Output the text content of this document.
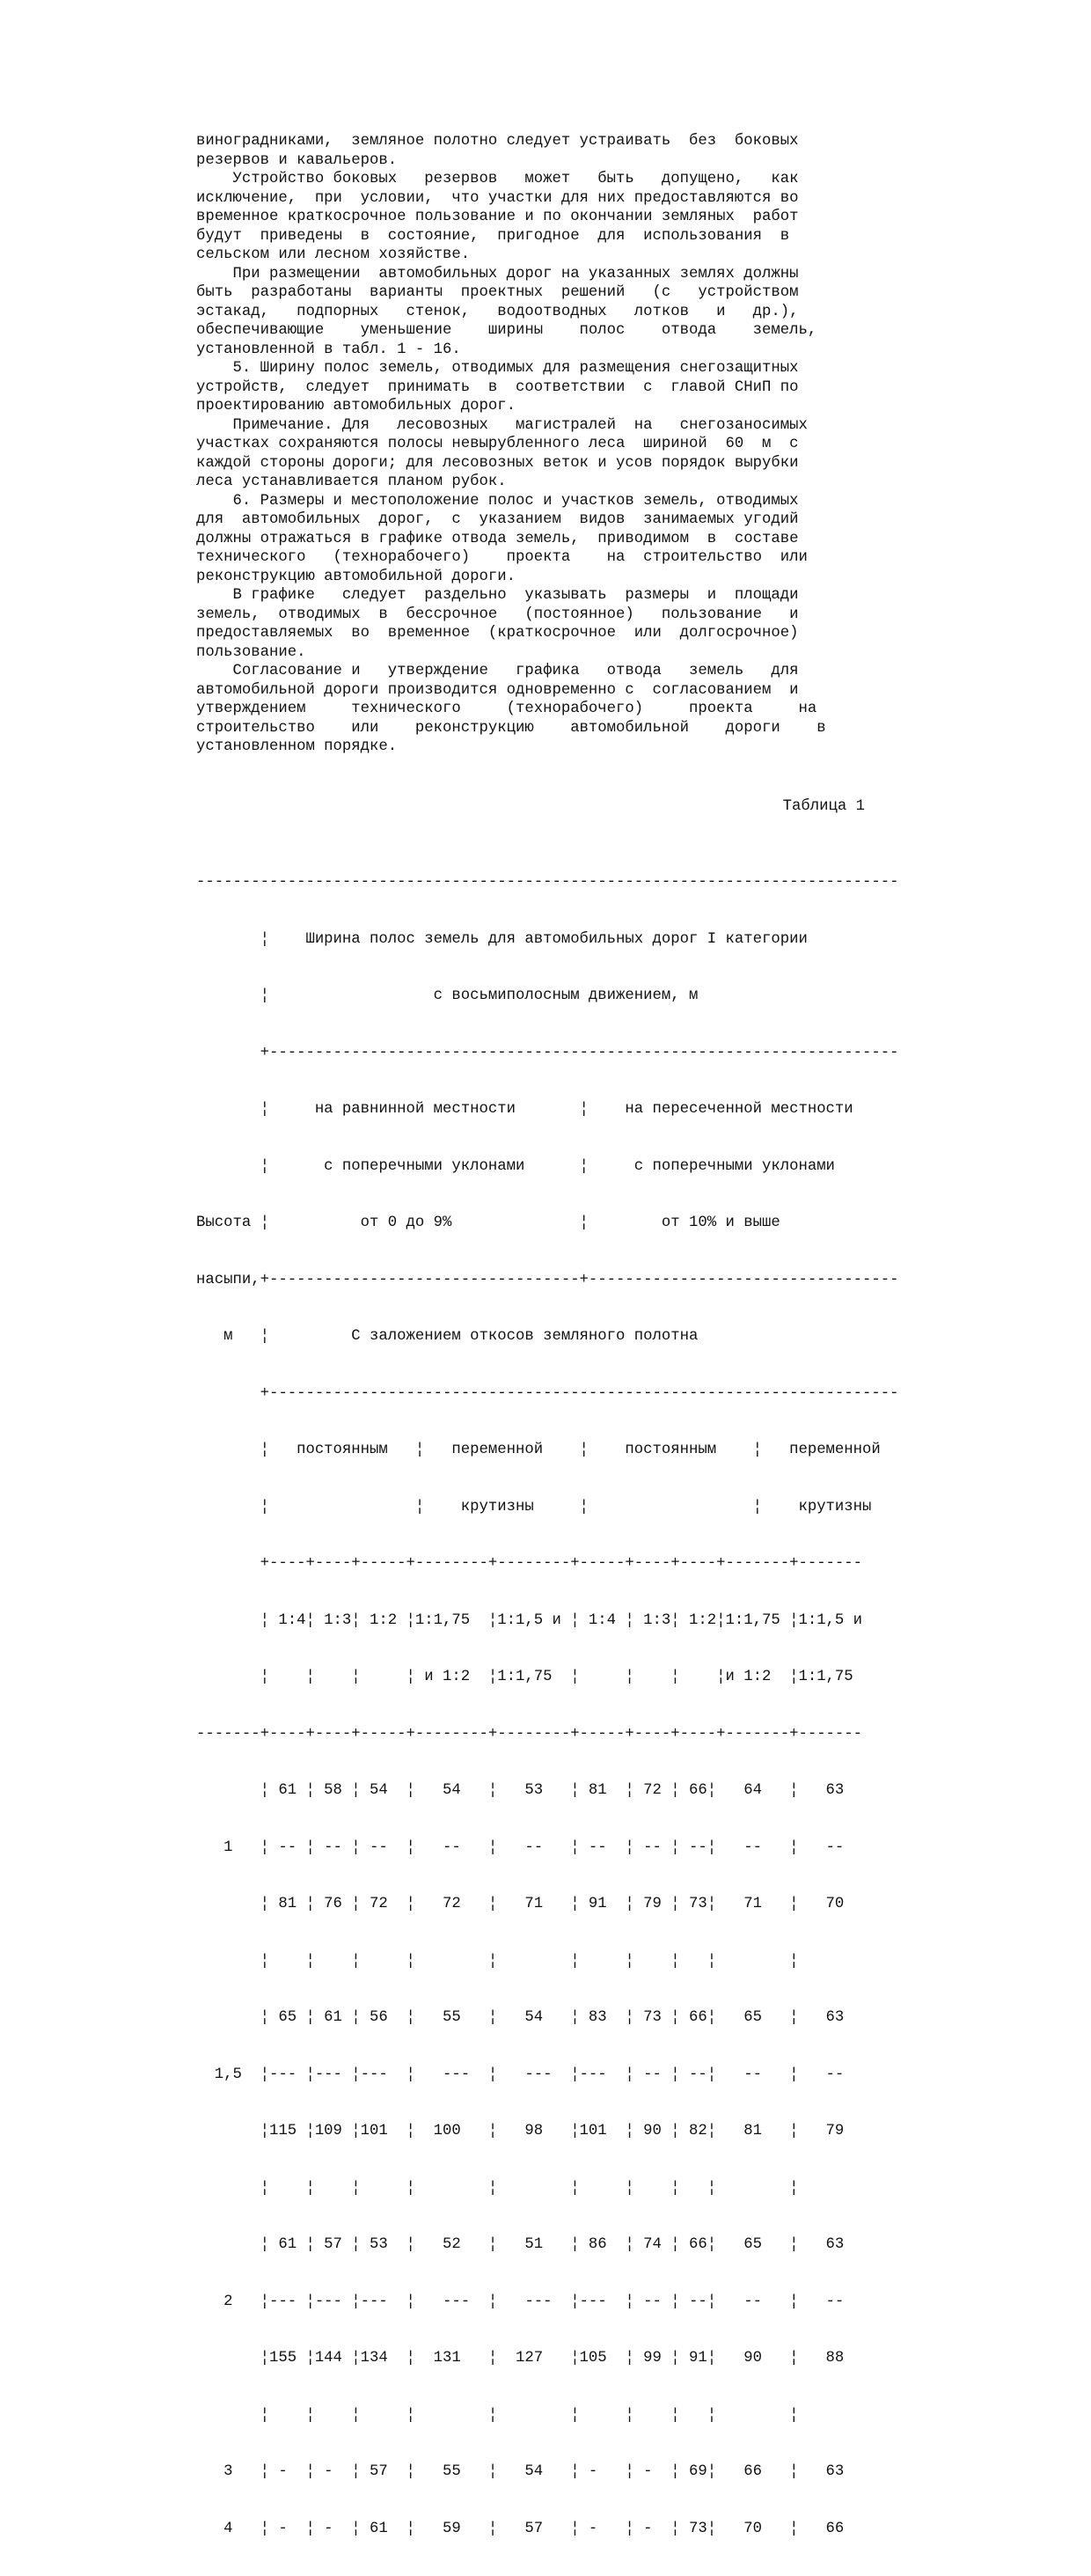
виноградниками,  земляное полотно следует устраивать  без  боковых
резервов и кавальеров.
Устройство боковых   резервов   может   быть   допущено,   как
исключение,  при  условии,  что участки для них предоставляются во
временное краткосрочное пользование и по окончании земляных  работ
будут  приведены  в  состояние,  пригодное  для  использования  в
сельском или лесном хозяйстве.
При размещении  автомобильных дорог на указанных землях должны
быть  разработаны  варианты  проектных  решений   (с   устройством
эстакад,   подпорных   стенок,   водоотводных   лотков   и   др.),
обеспечивающие    уменьшение    ширины    полос    отвода    земель,
установленной в табл. 1 - 16.
5. Ширину полос земель, отводимых для размещения снегозащитных
устройств,  следует  принимать  в  соответствии  с  главой СНиП по
проектированию автомобильных дорог.
Примечание. Для   лесовозных   магистралей  на   снегозаносимых
участках сохраняются полосы невырубленного леса  шириной  60  м  с
каждой стороны дороги; для лесовозных веток и усов порядок вырубки
леса устанавливается планом рубок.
6. Размеры и местоположение полос и участков земель, отводимых
для  автомобильных  дорог,  с  указанием  видов  занимаемых угодий
должны отражаться в графике отвода земель,  приводимом  в  составе
технического   (технорабочего)    проекта    на  строительство  или
реконструкцию автомобильной дороги.
В графике   следует  раздельно  указывать  размеры  и  площади
земель,  отводимых  в  бессрочное   (постоянное)   пользование   и
предоставляемых  во  временное  (краткосрочное  или  долгосрочное)
пользование.
Согласование и   утверждение   графика   отвода   земель   для
автомобильной дороги производится одновременно с  согласованием  и
утверждением     технического     (технорабочего)     проекта     на
строительство    или    реконструкцию    автомобильной    дороги    в
установленном порядке.
Таблица 1

-----------------------------------------------------------------------------

¦    Ширина полос земель для автомобильных дорог I категории

¦                  с восьмиполосным движением, м

+---------------------------------------------------------------------

¦     на равнинной местности       ¦    на пересеченной местности

¦      с поперечными уклонами      ¦     с поперечными уклонами

Высота ¦          от 0 до 9%              ¦        от 10% и выше

насыпи,+----------------------------------+----------------------------------

м   ¦         С заложением откосов земляного полотна

+---------------------------------------------------------------------

¦   постоянным   ¦   переменной    ¦    постоянным    ¦   переменной

¦                ¦    крутизны     ¦                  ¦    крутизны

+----+----+-----+--------+--------+-----+----+----+-------+-------

¦ 1:4¦ 1:3¦ 1:2 ¦1:1,75  ¦1:1,5 и ¦ 1:4 ¦ 1:3¦ 1:2¦1:1,75 ¦1:1,5 и

¦    ¦    ¦     ¦ и 1:2  ¦1:1,75  ¦     ¦    ¦    ¦и 1:2  ¦1:1,75

-------+----+----+-----+--------+--------+-----+----+----+-------+-------

¦ 61 ¦ 58 ¦ 54  ¦   54   ¦   53   ¦ 81  ¦ 72 ¦ 66¦   64   ¦   63

1   ¦ -- ¦ -- ¦ --  ¦   --   ¦   --   ¦ --  ¦ -- ¦ --¦   --   ¦   --

¦ 81 ¦ 76 ¦ 72  ¦   72   ¦   71   ¦ 91  ¦ 79 ¦ 73¦   71   ¦   70

¦    ¦    ¦     ¦        ¦        ¦     ¦    ¦   ¦        ¦

¦ 65 ¦ 61 ¦ 56  ¦   55   ¦   54   ¦ 83  ¦ 73 ¦ 66¦   65   ¦   63

1,5  ¦--- ¦--- ¦---  ¦   ---  ¦   ---  ¦---  ¦ -- ¦ --¦   --   ¦   --

¦115 ¦109 ¦101  ¦  100   ¦   98   ¦101  ¦ 90 ¦ 82¦   81   ¦   79

¦    ¦    ¦     ¦        ¦        ¦     ¦    ¦   ¦        ¦

¦ 61 ¦ 57 ¦ 53  ¦   52   ¦   51   ¦ 86  ¦ 74 ¦ 66¦   65   ¦   63

2   ¦--- ¦--- ¦---  ¦   ---  ¦   ---  ¦---  ¦ -- ¦ --¦   --   ¦   --

¦155 ¦144 ¦134  ¦  131   ¦  127   ¦105  ¦ 99 ¦ 91¦   90   ¦   88

¦    ¦    ¦     ¦        ¦        ¦     ¦    ¦   ¦        ¦

3   ¦ -  ¦ -  ¦ 57  ¦   55   ¦   54   ¦ -   ¦ -  ¦ 69¦   66   ¦   63

4   ¦ -  ¦ -  ¦ 61  ¦   59   ¦   57   ¦ -   ¦ -  ¦ 73¦   70   ¦   66
